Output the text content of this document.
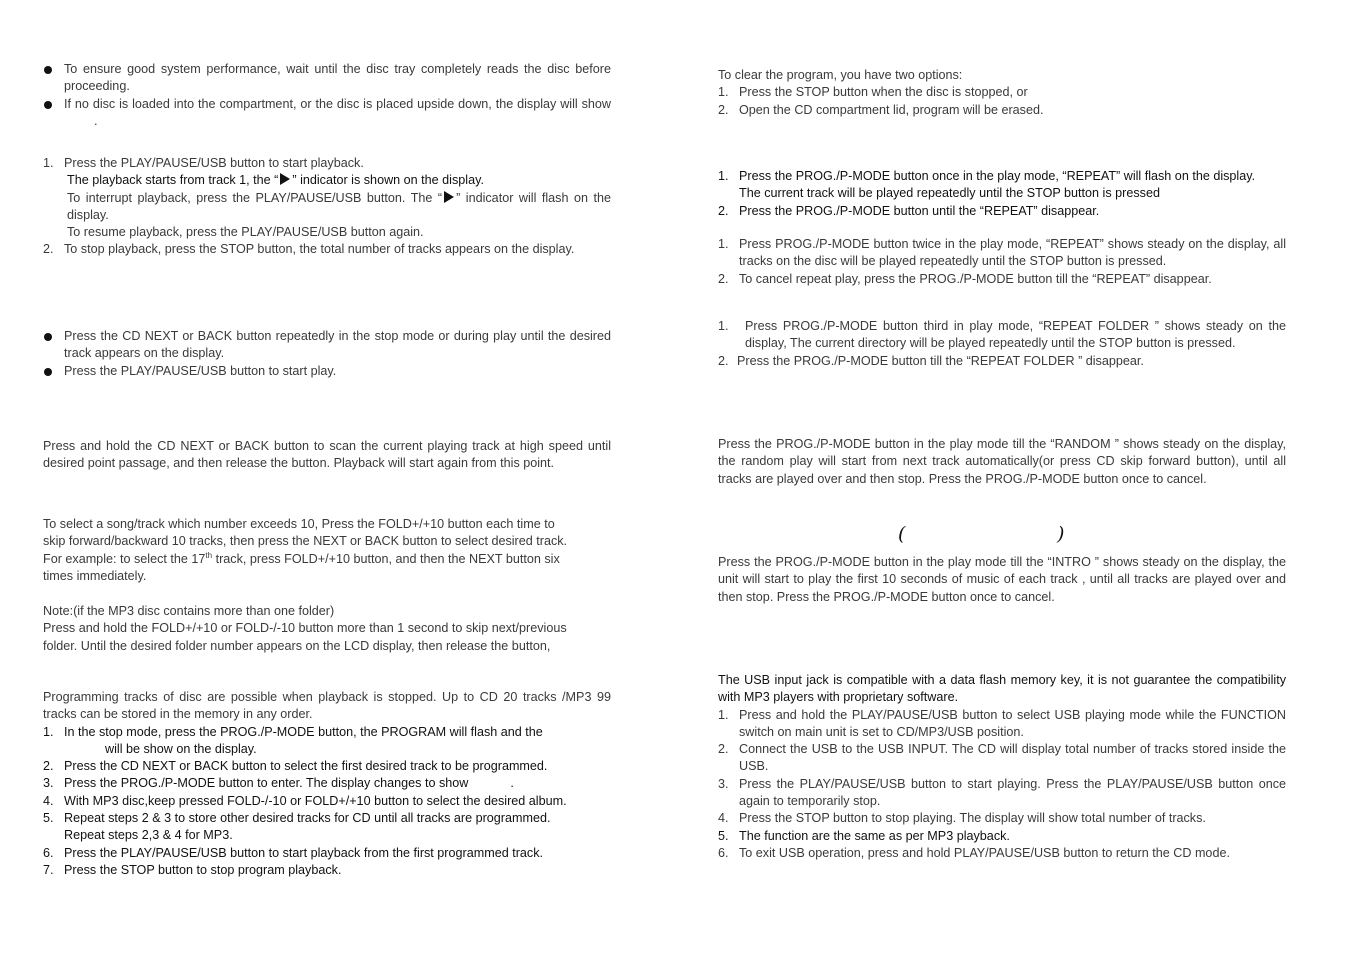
To ensure good system performance, wait until the disc tray completely reads the disc before proceeding.
If no disc is loaded into the compartment, or the disc is placed upside down, the display will show.
1. Press the PLAY/PAUSE/USB button to start playback.
The playback starts from track 1, the “ ” indicator is shown on the display.
To interrupt playback, press the PLAY/PAUSE/USB button. The “ ” indicator will flash on the display.
To resume playback, press the PLAY/PAUSE/USB button again.
2. To stop playback, press the STOP button, the total number of tracks appears on the display.
Press the CD NEXT or BACK button repeatedly in the stop mode or during play until the desired track appears on the display.
Press the PLAY/PAUSE/USB button to start play.
Press and hold the CD NEXT or BACK button to scan the current playing track at high speed until desired point passage, and then release the button. Playback will start again from this point.
To select a song/track which number exceeds 10, Press the FOLD+/+10 button each time to
skip forward/backward 10 tracks, then press the NEXT or BACK button to select desired track.
For example: to select the 17th track, press FOLD+/+10 button, and then the NEXT button six
times immediately.
Note:(if the MP3 disc contains more than one folder)
Press and hold the FOLD+/+10 or FOLD-/-10 button more than 1 second to skip next/previous
folder. Until the desired folder number appears on the LCD display, then release the button,
Programming tracks of disc are possible when playback is stopped. Up to CD 20 tracks /MP3 99 tracks can be stored in the memory in any order.
1. In the stop mode, press the PROG./P-MODE button, the PROGRAM will flash and the
will be show on the display.
2. Press the CD NEXT or BACK button to select the first desired track to be programmed.
3. Press the PROG./P-MODE button to enter. The display changes to show	.
4. With MP3 disc,keep pressed FOLD-/-10 or FOLD+/+10 button to select the desired album.
5. Repeat steps 2 & 3 to store other desired tracks for CD until all tracks are programmed.
Repeat steps 2,3 & 4 for MP3.
6. Press the PLAY/PAUSE/USB button to start playback from the first programmed track.
7. Press the STOP button to stop program playback.
To clear the program, you have two options:
1. Press the STOP button when the disc is stopped, or
2. Open the CD compartment lid, program will be erased.
1. Press the PROG./P-MODE button once in the play mode, “REPEAT” will flash on the display.
The current track will be played repeatedly until the STOP button is pressed
2. Press the PROG./P-MODE button until the “REPEAT” disappear.
1. Press PROG./P-MODE button twice in the play mode, “REPEAT” shows steady on the display, all tracks on the disc will be played repeatedly until the STOP button is pressed.
2. To cancel repeat play, press the PROG./P-MODE button till the “REPEAT” disappear.
1. Press PROG./P-MODE button third in play mode, “REPEAT FOLDER ” shows steady on the display, The current directory will be played repeatedly until the STOP button is pressed.
2. Press the PROG./P-MODE button till the “REPEAT FOLDER ” disappear.
Press the PROG./P-MODE button in the play mode till the “RANDOM ” shows steady on the display, the random play will start from next track automatically(or press CD skip forward button), until all tracks are played over and then stop. Press the PROG./P-MODE button once to cancel.
(	)
Press the PROG./P-MODE button in the play mode till the “INTRO ” shows steady on the display, the unit will start to play the first 10 seconds of music of each track , until all tracks are played over and then stop. Press the PROG./P-MODE button once to cancel.
The USB input jack is compatible with a data flash memory key, it is not guarantee the compatibility with MP3 players with proprietary software.
1. Press and hold the PLAY/PAUSE/USB button to select USB playing mode while the FUNCTION switch on main unit is set to CD/MP3/USB position.
2. Connect the USB to the USB INPUT. The CD will display total number of tracks stored inside the USB.
3. Press the PLAY/PAUSE/USB button to start playing. Press the PLAY/PAUSE/USB button once again to temporarily stop.
4. Press the STOP button to stop playing. The display will show total number of tracks.
5. The function are the same as per MP3 playback.
6. To exit USB operation, press and hold PLAY/PAUSE/USB button to return the CD mode.
